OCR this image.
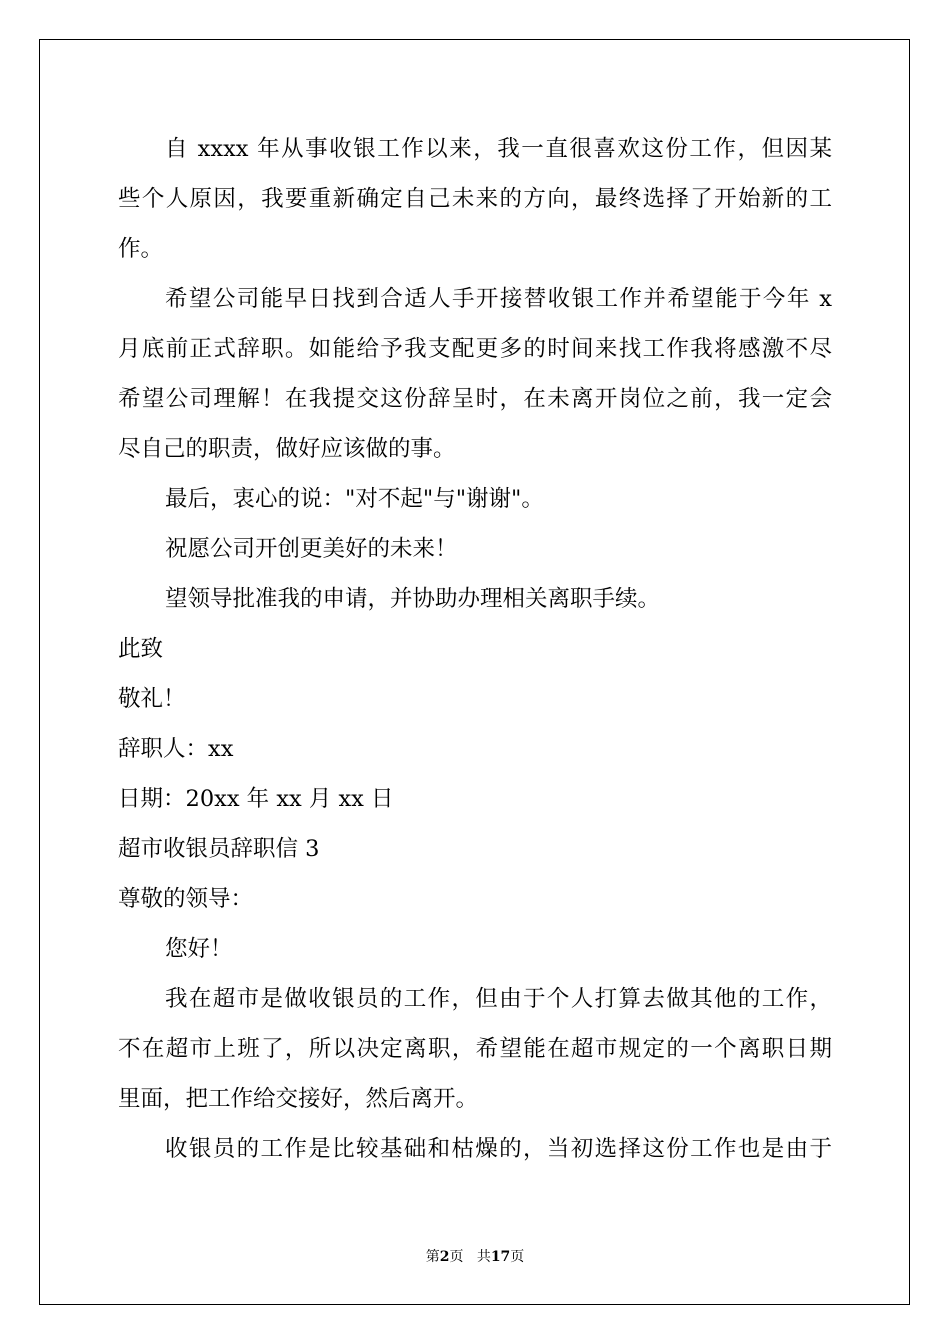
自 xxxx 年从事收银工作以来，我一直很喜欢这份工作，但因某
些个人原因，我要重新确定自己未来的方向，最终选择了开始新的工
作。
希望公司能早日找到合适人手开接替收银工作并希望能于今年 x
月底前正式辞职。如能给予我支配更多的时间来找工作我将感激不尽
希望公司理解！在我提交这份辞呈时，在未离开岗位之前，我一定会
尽自己的职责，做好应该做的事。
最后，衷心的说："对不起"与"谢谢"。
祝愿公司开创更美好的未来！
望领导批准我的申请，并协助办理相关离职手续。
此致
敬礼！
辞职人：xx
日期：20xx 年 xx 月 xx 日
超市收银员辞职信 3
尊敬的领导：
您好！
我在超市是做收银员的工作，但由于个人打算去做其他的工作，
不在超市上班了，所以决定离职，希望能在超市规定的一个离职日期
里面，把工作给交接好，然后离开。
收银员的工作是比较基础和枯燥的，当初选择这份工作也是由于
第2页 共17页
